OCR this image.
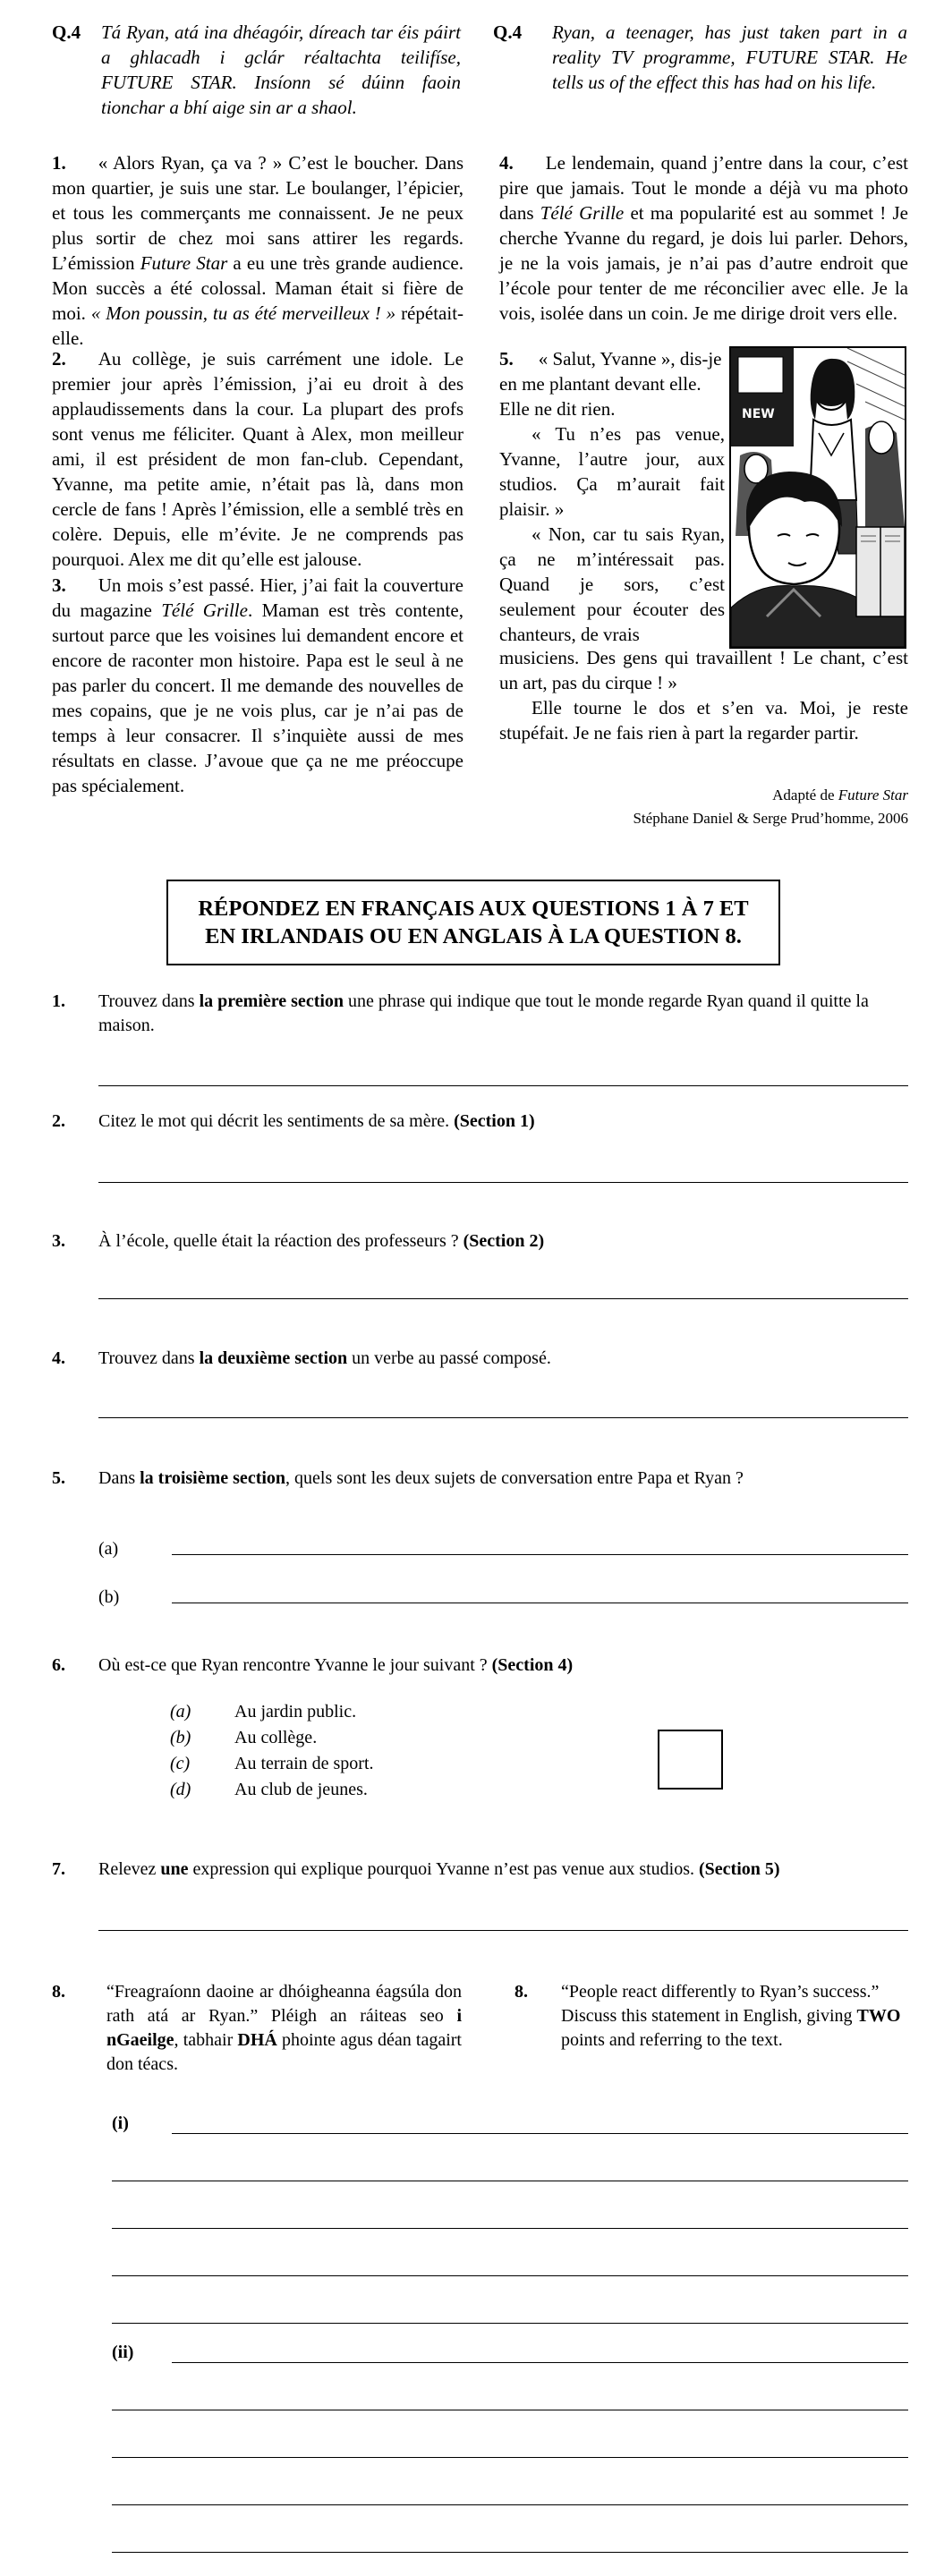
Q.4 Tá Ryan, atá ina dhéagóir, díreach tar éis páirt a ghlacadh i gclár réaltachta teilifíse, FUTURE STAR. Insíonn sé dúinn faoin tionchar a bhí aige sin ar a shaol.
Q.4 Ryan, a teenager, has just taken part in a reality TV programme, FUTURE STAR. He tells us of the effect this has had on his life.

1. « Alors Ryan, ça va ? » C’est le boucher. Dans mon quartier, je suis une star. Le boulanger, l’épicier, et tous les commerçants me connaissent. Je ne peux plus sortir de chez moi sans attirer les regards. L’émission Future Star a eu une très grande audience. Mon succès a été colossal. Maman était si fière de moi. « Mon poussin, tu as été merveilleux ! » répétait-elle.

2. Au collège, je suis carrément une idole. Le premier jour après l’émission, j’ai eu droit à des applaudissements dans la cour. La plupart des profs sont venus me féliciter. Quant à Alex, mon meilleur ami, il est président de mon fan-club. Cependant, Yvanne, ma petite amie, n’était pas là, dans mon cercle de fans ! Après l’émission, elle a semblé très en colère. Depuis, elle m’évite. Je ne comprends pas pourquoi. Alex me dit qu’elle est jalouse.

3. Un mois s’est passé. Hier, j’ai fait la couverture du magazine Télé Grille. Maman est très contente, surtout parce que les voisines lui demandent encore et encore de raconter mon histoire. Papa est le seul à ne pas parler du concert. Il me demande des nouvelles de mes copains, que je ne vois plus, car je n’ai pas de temps à leur consacrer. Il s’inquiète aussi de mes résultats en classe. J’avoue que ça ne me préoccupe pas spécialement.

4. Le lendemain, quand j’entre dans la cour, c’est pire que jamais. Tout le monde a déjà vu ma photo dans Télé Grille et ma popularité est au sommet ! Je cherche Yvanne du regard, je dois lui parler. Dehors, je ne la vois jamais, je n’ai pas d’autre endroit que l’école pour tenter de me réconcilier avec elle. Je la vois, isolée dans un coin. Je me dirige droit vers elle.

5. « Salut, Yvanne », dis-je en me plantant devant elle. Elle ne dit rien.

« Tu n’es pas venue, Yvanne, l’autre jour, aux studios. Ça m’aurait fait plaisir. »

« Non, car tu sais Ryan, ça ne m’intéressait pas. Quand je sors, c’est seulement pour écouter des chanteurs, de vrais

musiciens. Des gens qui travaillent ! Le chant, c’est un art, pas du cirque ! »

Elle tourne le dos et s’en va. Moi, je reste stupéfait. Je ne fais rien à part la regarder partir.

NEW
Adapté de Future Star
Stéphane Daniel & Serge Prud’homme, 2006
RÉPONDEZ EN FRANÇAIS AUX QUESTIONS 1 À 7 ET
EN IRLANDAIS OU EN ANGLAIS À LA QUESTION 8.
1. Trouvez dans la première section une phrase qui indique que tout le monde regarde Ryan quand il quitte la maison.
2. Citez le mot qui décrit les sentiments de sa mère. (Section 1)
3. À l’école, quelle était la réaction des professeurs ? (Section 2)
4. Trouvez dans la deuxième section un verbe au passé composé.
5. Dans la troisième section, quels sont les deux sujets de conversation entre Papa et Ryan ?
(a)
(b)
6. Où est-ce que Ryan rencontre Yvanne le jour suivant ? (Section 4)
(a) Au jardin public.
(b) Au collège.
(c) Au terrain de sport.
(d) Au club de jeunes.
7. Relevez une expression qui explique pourquoi Yvanne n’est pas venue aux studios. (Section 5)
8. “Freagraíonn daoine ar dhóigheanna éagsúla don rath atá ar Ryan.” Pléigh an ráiteas seo i nGaeilge, tabhair DHÁ phointe agus déan tagairt don téacs.
8. “People react differently to Ryan’s success.” Discuss this statement in English, giving TWO points and referring to the text.
(i)
(ii)
